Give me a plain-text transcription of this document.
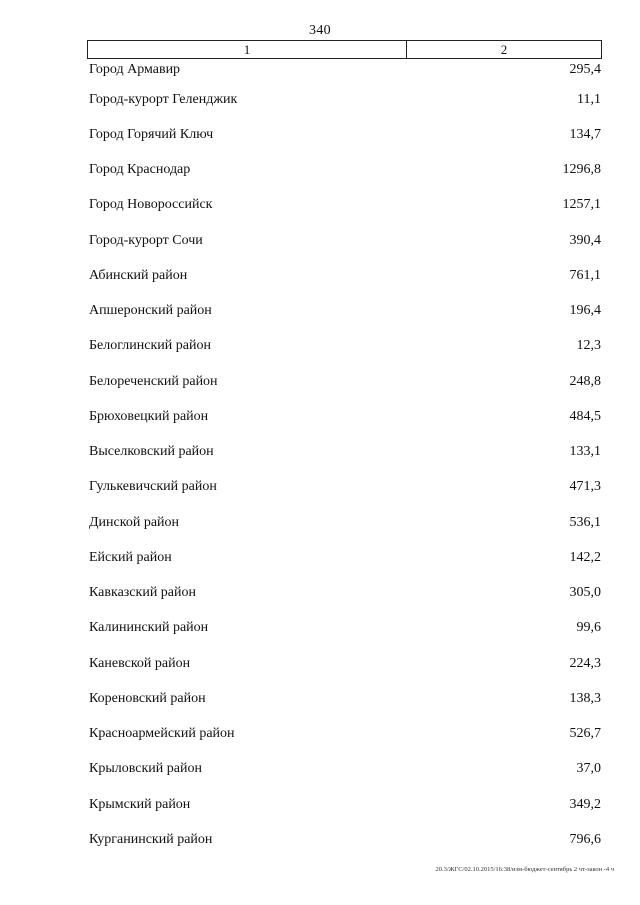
340
1	2
Город Армавир	295,4
Город-курорт Геленджик	11,1
Город Горячий Ключ	134,7
Город Краснодар	1296,8
Город Новороссийск	1257,1
Город-курорт Сочи	390,4
Абинский район	761,1
Апшеронский район	196,4
Белоглинский район	12,3
Белореченский район	248,8
Брюховецкий район	484,5
Выселковский район	133,1
Гулькевичский район	471,3
Динской район	536,1
Ейский район	142,2
Кавказский район	305,0
Калининский район	99,6
Каневской район	224,3
Кореновский район	138,3
Красноармейский район	526,7
Крыловский район	37,0
Крымский район	349,2
Курганинский район	796,6
20.3/ЖГС/02.10.2015/16:38/изм-бюджет-сентябрь 2 чт-закон -4 ч
